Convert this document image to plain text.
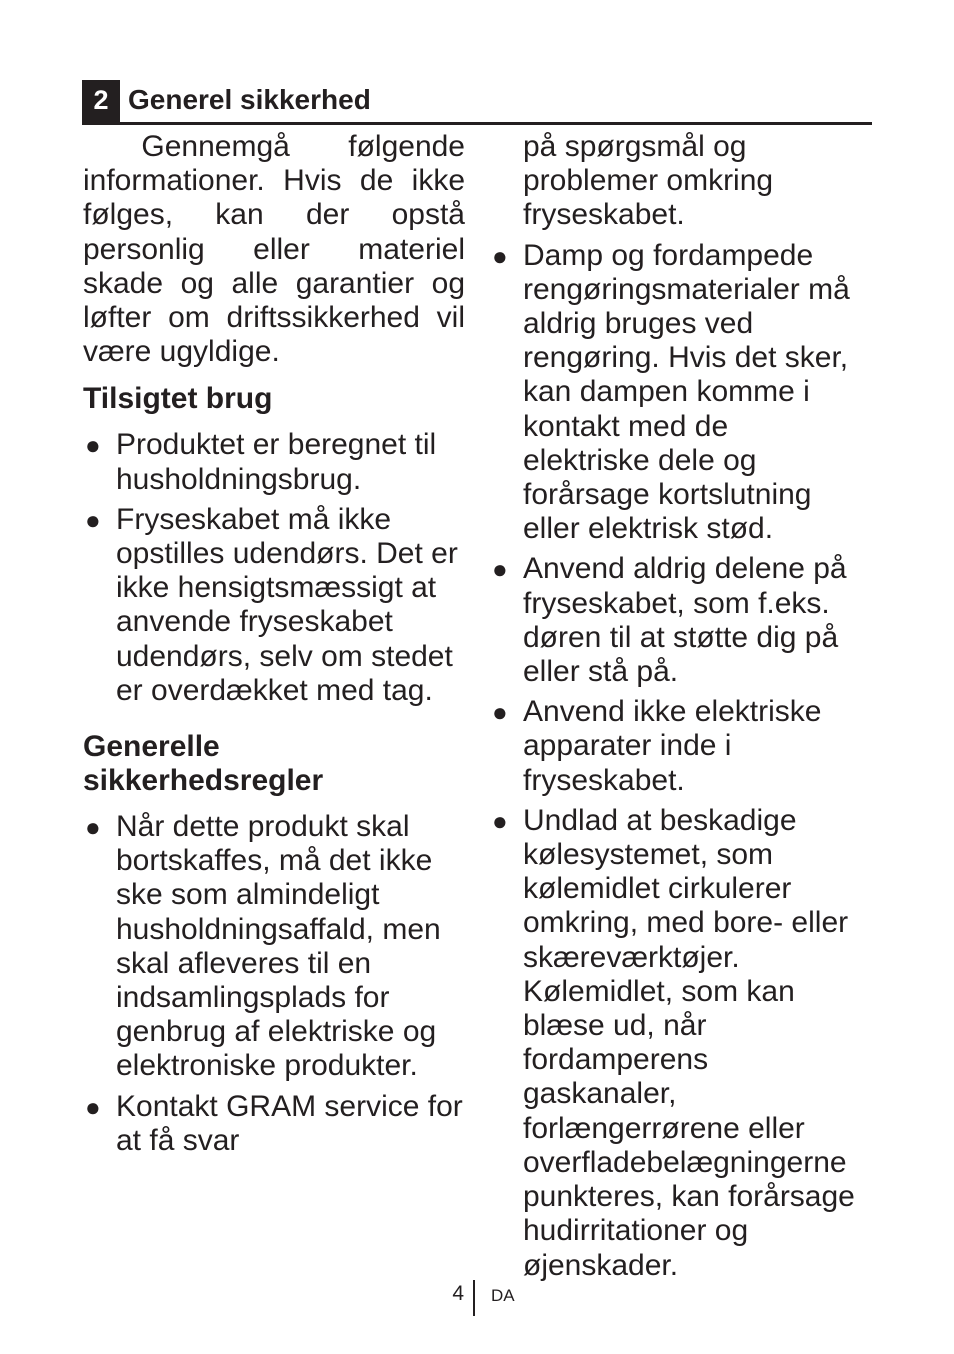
2 Generel sikkerhed

Gennemgå følgende informationer. Hvis de ikke følges, kan der opstå personlig eller materiel skade og alle garantier og løfter om driftssikkerhed vil være ugyldige.

Tilsigtet brug
● Produktet er beregnet til husholdningsbrug.
● Fryseskabet må ikke opstilles udendørs. Det er ikke hensigtsmæssigt at anvende fryseskabet udendørs, selv om stedet er overdækket med tag.
Generelle
sikkerhedsregler
● Når dette produkt skal bortskaffes, må det ikke ske som almindeligt husholdningsaffald, men skal afleveres til en indsamlingsplads for genbrug af elektriske og elektroniske produkter.
● Kontakt GRAM service for at få svar
på spørgsmål og problemer omkring fryseskabet.
● Damp og fordampede rengøringsmaterialer må aldrig bruges ved rengøring. Hvis det sker, kan dampen komme i kontakt med de elektriske dele og forårsage kortslutning eller elektrisk stød.
● Anvend aldrig delene på fryseskabet, som f.eks. døren til at støtte dig på eller stå på.
● Anvend ikke elektriske apparater inde i fryseskabet.
● Undlad at beskadige kølesystemet, som kølemidlet cirkulerer omkring, med bore- eller skæreværktøjer. Kølemidlet, som kan blæse ud, når fordamperens gaskanaler, forlængerrørene eller overfladebelægningerne punkteres, kan forårsage hudirritationer og øjenskader.
4 DA
